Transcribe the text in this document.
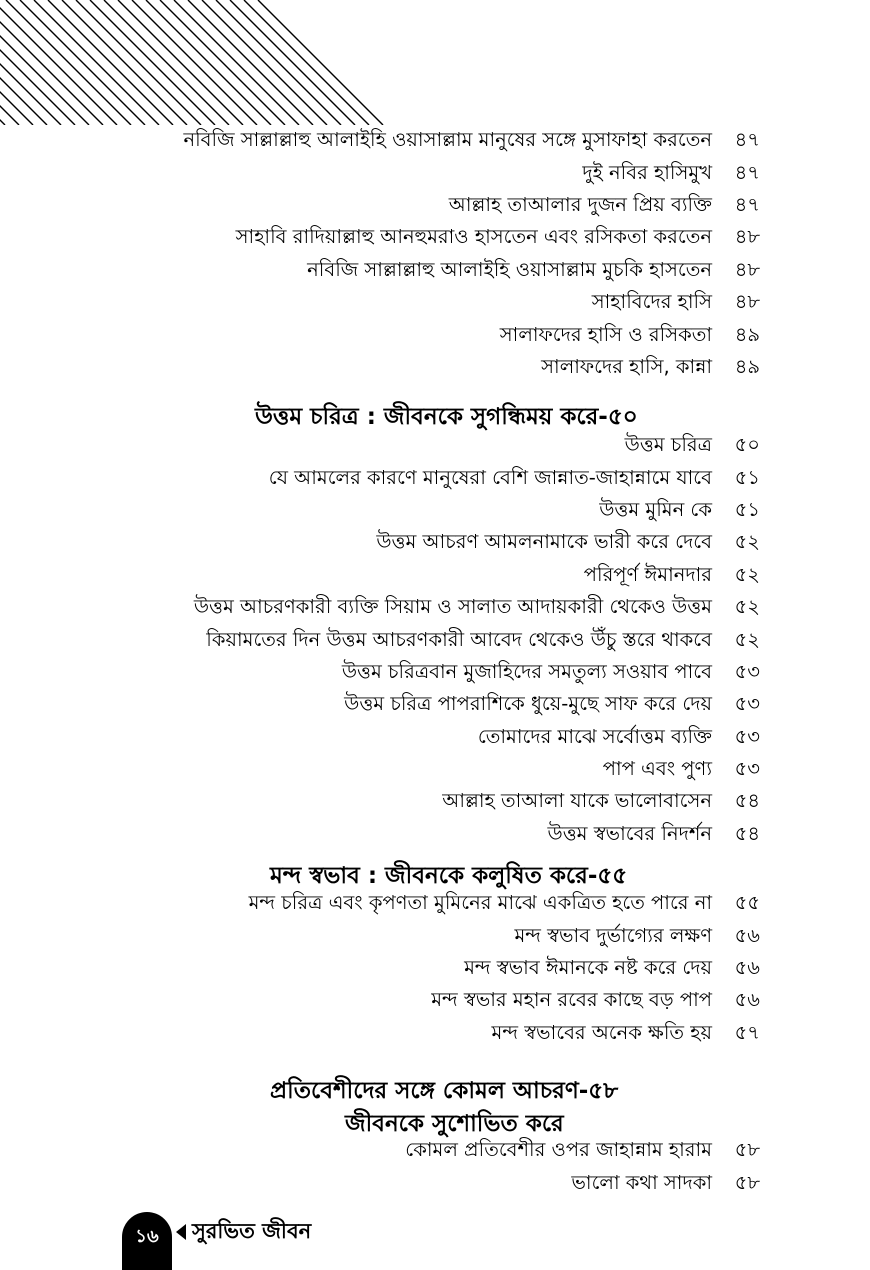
নবিজি সাল্লাল্লাহু আলাইহি ওয়াসাল্লাম মানুষের সঙ্গে মুসাফাহা করতেন	৪৭
দুই নবির হাসিমুখ	৪৭
আল্লাহ তাআলার দুজন প্রিয় ব্যক্তি	৪৭
সাহাবি রাদিয়াল্লাহু আনহুমরাও হাসতেন এবং রসিকতা করতেন	৪৮
নবিজি সাল্লাল্লাহু আলাইহি ওয়াসাল্লাম মুচকি হাসতেন	৪৮
সাহাবিদের হাসি	৪৮
সালাফদের হাসি ও রসিকতা	৪৯
সালাফদের হাসি, কান্না	৪৯
উত্তম চরিত্র : জীবনকে সুগন্ধিময় করে-৫০
উত্তম চরিত্র	৫০
যে আমলের কারণে মানুষেরা বেশি জান্নাত-জাহান্নামে যাবে	৫১
উত্তম মুমিন কে	৫১
উত্তম আচরণ আমলনামাকে ভারী করে দেবে	৫২
পরিপূর্ণ ঈমানদার	৫২
উত্তম আচরণকারী ব্যক্তি সিয়াম ও সালাত আদায়কারী থেকেও উত্তম	৫২
কিয়ামতের দিন উত্তম আচরণকারী আবেদ থেকেও উঁচু স্তরে থাকবে	৫২
উত্তম চরিত্রবান মুজাহিদের সমতুল্য সওয়াব পাবে	৫৩
উত্তম চরিত্র পাপরাশিকে ধুয়ে-মুছে সাফ করে দেয়	৫৩
তোমাদের মাঝে সর্বোত্তম ব্যক্তি	৫৩
পাপ এবং পুণ্য	৫৩
আল্লাহ তাআলা যাকে ভালোবাসেন	৫৪
উত্তম স্বভাবের নিদর্শন	৫৪
মন্দ স্বভাব : জীবনকে কলুষিত করে-৫৫
মন্দ চরিত্র এবং কৃপণতা মুমিনের মাঝে একত্রিত হতে পারে না	৫৫
মন্দ স্বভাব দুর্ভাগ্যের লক্ষণ	৫৬
মন্দ স্বভাব ঈমানকে নষ্ট করে দেয়	৫৬
মন্দ স্বভার মহান রবের কাছে বড় পাপ	৫৬
মন্দ স্বভাবের অনেক ক্ষতি হয়	৫৭
প্রতিবেশীদের সঙ্গে কোমল আচরণ-৫৮
জীবনকে সুশোভিত করে
কোমল প্রতিবেশীর ওপর জাহান্নাম হারাম	৫৮
ভালো কথা সাদকা	৫৮
১৬	সুরভিত জীবন
